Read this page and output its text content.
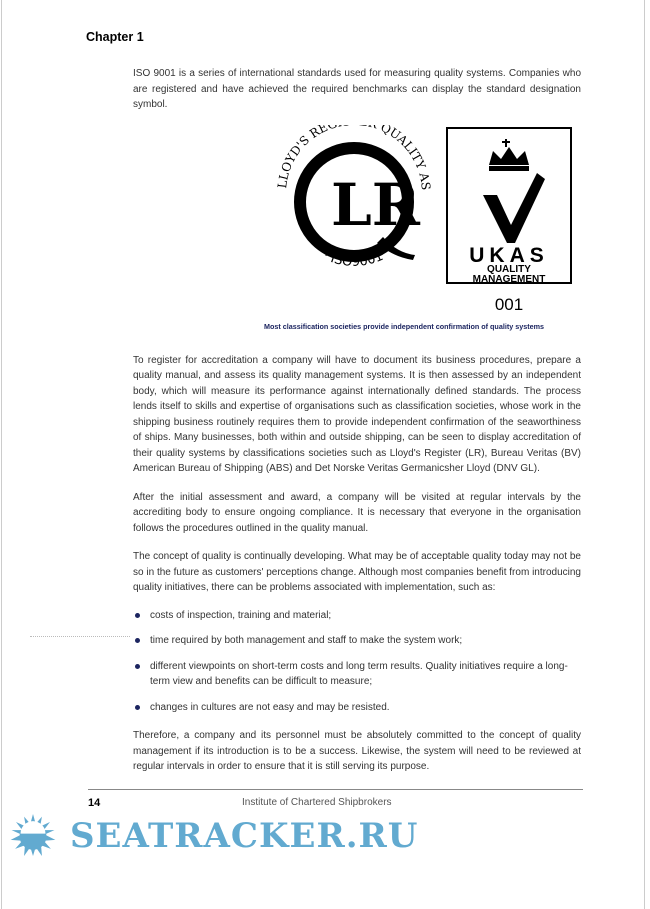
Chapter 1
ISO 9001 is a series of international standards used for measuring quality systems. Companies who are registered and have achieved the required benchmarks can display the standard designation symbol.
LLOYD'S RE QUALITY AS
· ISO9001
LR
UKAS
QUALITY
MANAGEMENT
001
Most classification societies provide independent confirmation of quality systems
To register for accreditation a company will have to document its business procedures, prepare a quality manual, and assess its quality management systems. It is then assessed by an independent body, which will measure its performance against internationally defined standards. The process lends itself to skills and expertise of organisations such as classification societies, whose work in the shipping business routinely requires them to provide independent confirmation of the seaworthiness of ships. Many businesses, both within and outside shipping, can be seen to display accreditation of their quality systems by classifications societies such as Lloyd's Register (LR), Bureau Veritas (BV) American Bureau of Shipping (ABS) and Det Norske Veritas Germanicsher Lloyd (DNV GL).
After the initial assessment and award, a company will be visited at regular intervals by the accrediting body to ensure ongoing compliance. It is necessary that everyone in the organisation follows the procedures outlined in the quality manual.
The concept of quality is continually developing. What may be of acceptable quality today may not be so in the future as customers' perceptions change. Although most companies benefit from introducing quality initiatives, there can be problems associated with implementation, such as:
costs of inspection, training and material;
time required by both management and staff to make the system work;
different viewpoints on short-term costs and long term results. Quality initiatives require a long-term view and benefits can be difficult to measure;
changes in cultures are not easy and may be resisted.
Therefore, a company and its personnel must be absolutely committed to the concept of quality management if its introduction is to be a success. Likewise, the system will need to be reviewed at regular intervals in order to ensure that it is still serving its purpose.
14	Institute of Chartered Shipbrokers
SEATRACKER.RU
